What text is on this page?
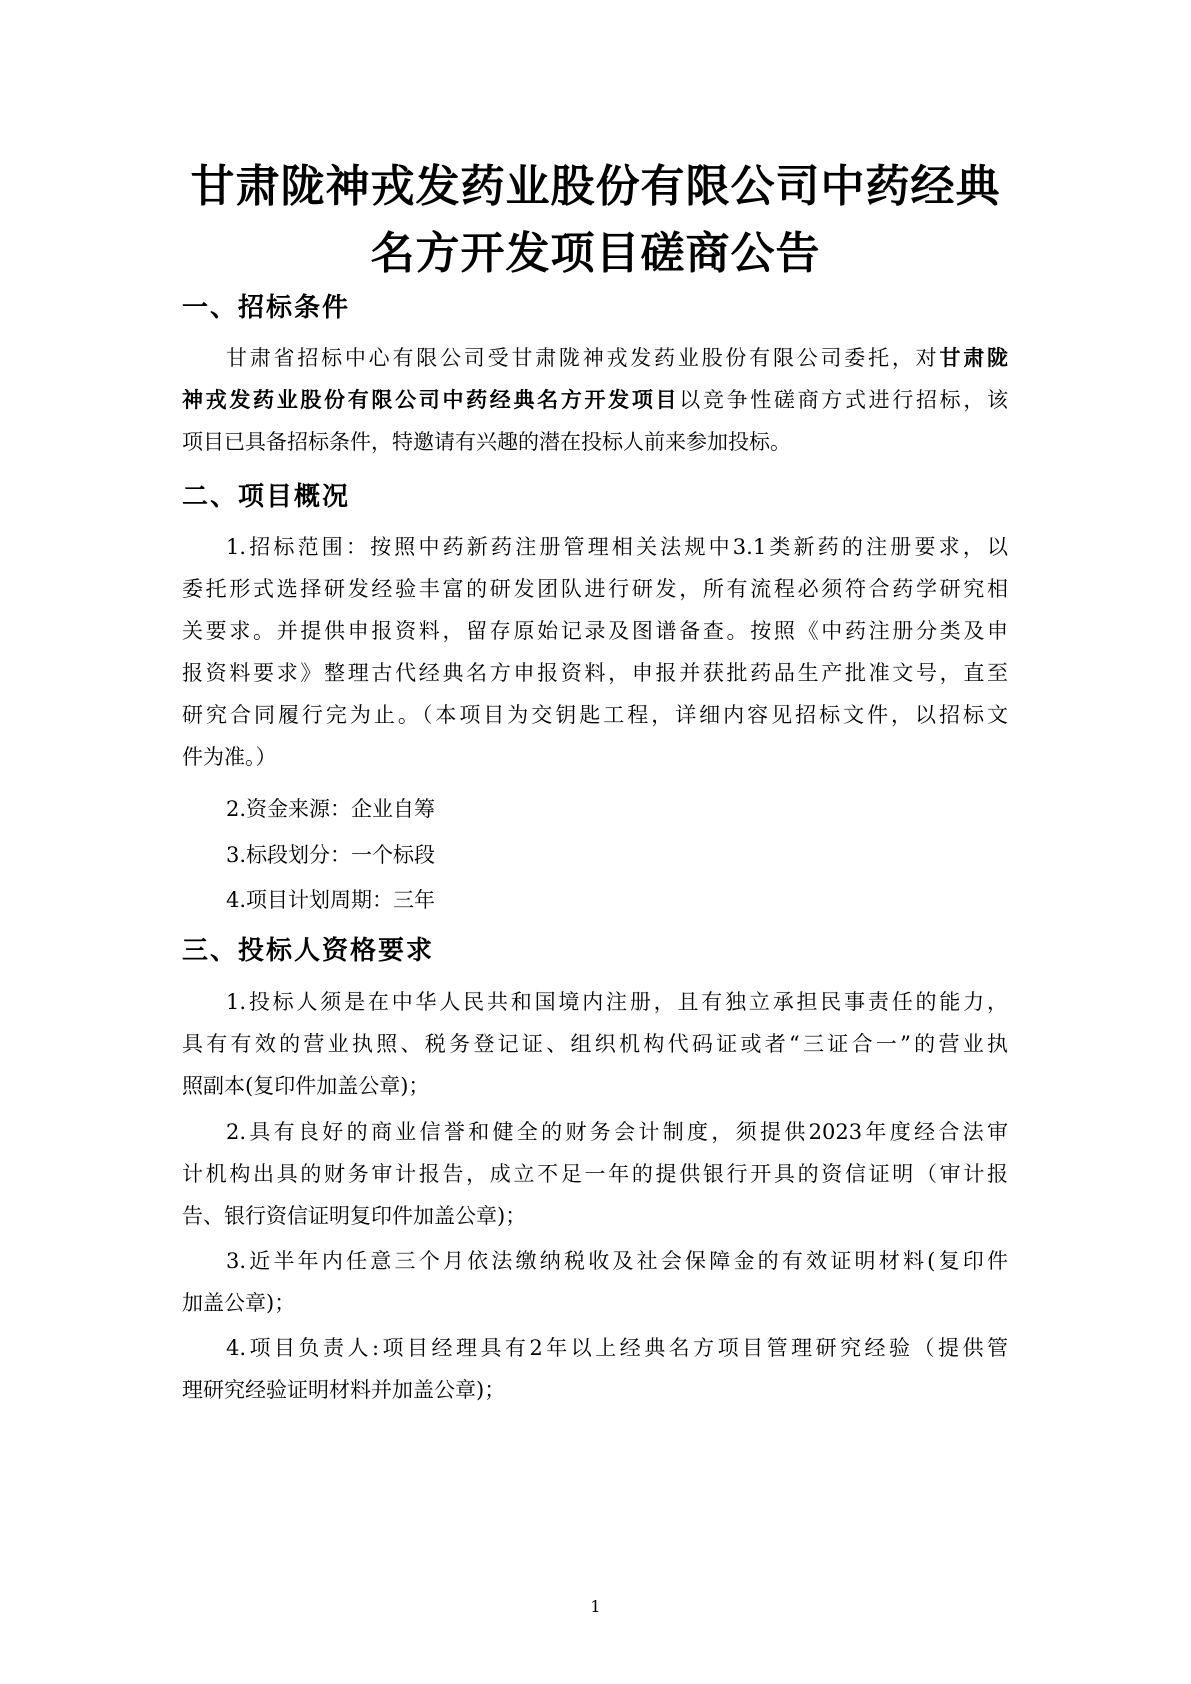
甘肃陇神戎发药业股份有限公司中药经典
名方开发项目磋商公告
一、招标条件
甘肃省招标中心有限公司受甘肃陇神戎发药业股份有限公司委托，对甘肃陇
神戎发药业股份有限公司中药经典名方开发项目以竞争性磋商方式进行招标，该
项目已具备招标条件，特邀请有兴趣的潜在投标人前来参加投标。
二、项目概况
1.招标范围：按照中药新药注册管理相关法规中3.1类新药的注册要求，以
委托形式选择研发经验丰富的研发团队进行研发，所有流程必须符合药学研究相
关要求。并提供申报资料，留存原始记录及图谱备查。按照《中药注册分类及申
报资料要求》整理古代经典名方申报资料，申报并获批药品生产批准文号，直至
研究合同履行完为止。（本项目为交钥匙工程，详细内容见招标文件，以招标文
件为准。）
2.资金来源：企业自筹
3.标段划分：一个标段
4.项目计划周期：三年
三、投标人资格要求
1.投标人须是在中华人民共和国境内注册，且有独立承担民事责任的能力，
具有有效的营业执照、税务登记证、组织机构代码证或者“三证合一”的营业执
照副本(复印件加盖公章)；
2.具有良好的商业信誉和健全的财务会计制度，须提供2023年度经合法审
计机构出具的财务审计报告，成立不足一年的提供银行开具的资信证明（审计报
告、银行资信证明复印件加盖公章)；
3.近半年内任意三个月依法缴纳税收及社会保障金的有效证明材料(复印件
加盖公章)；
4.项目负责人:项目经理具有2年以上经典名方项目管理研究经验（提供管
理研究经验证明材料并加盖公章)；
1
